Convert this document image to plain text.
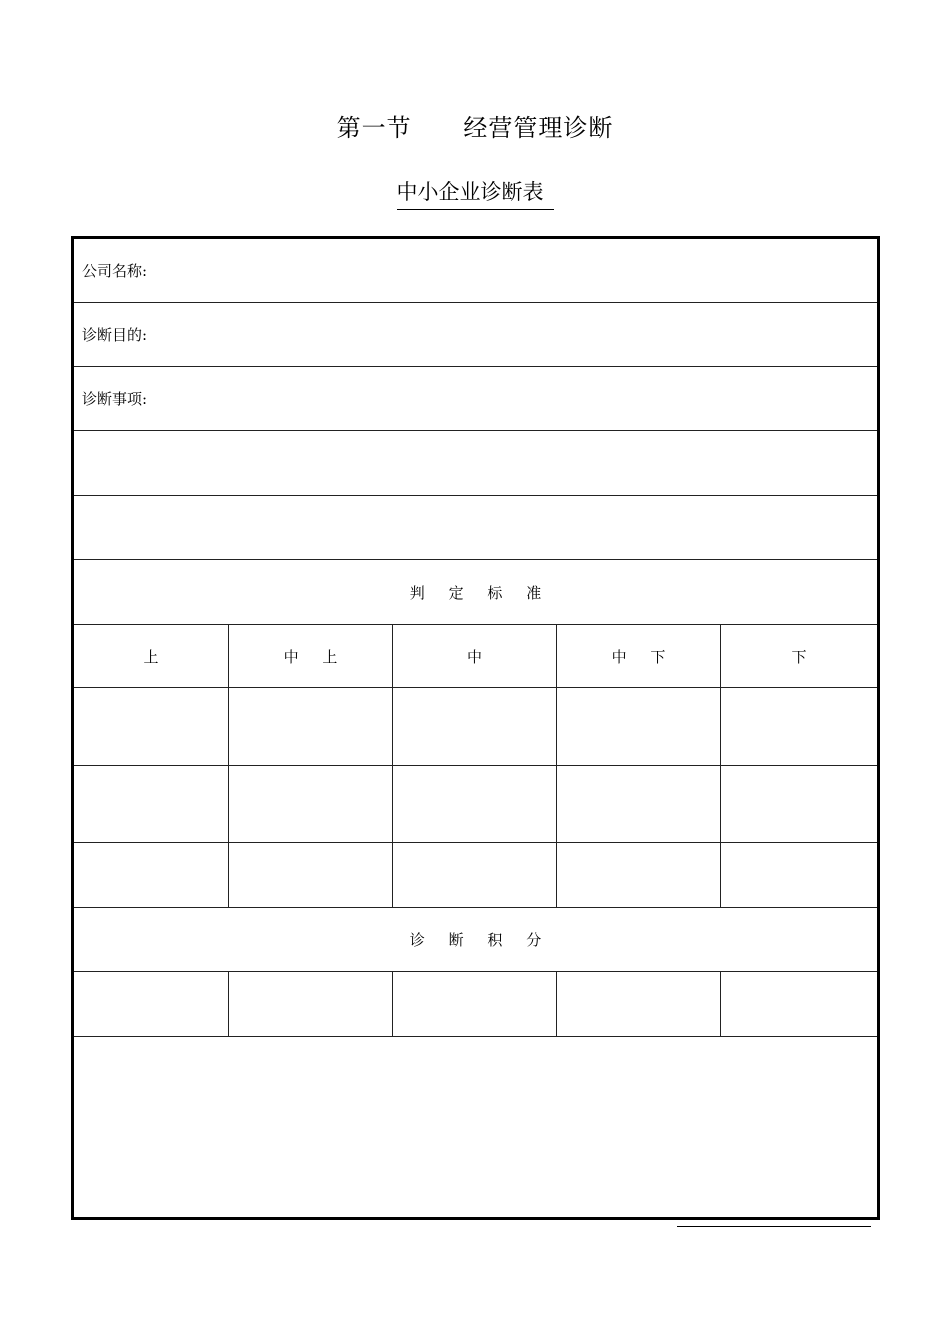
第一节      经营管理诊断
中小企业诊断表
公司名称:				
诊断目的:				
诊断事项:				

判     定     标     准				
上	中     上	中	中     下	下

诊     断     积     分				
